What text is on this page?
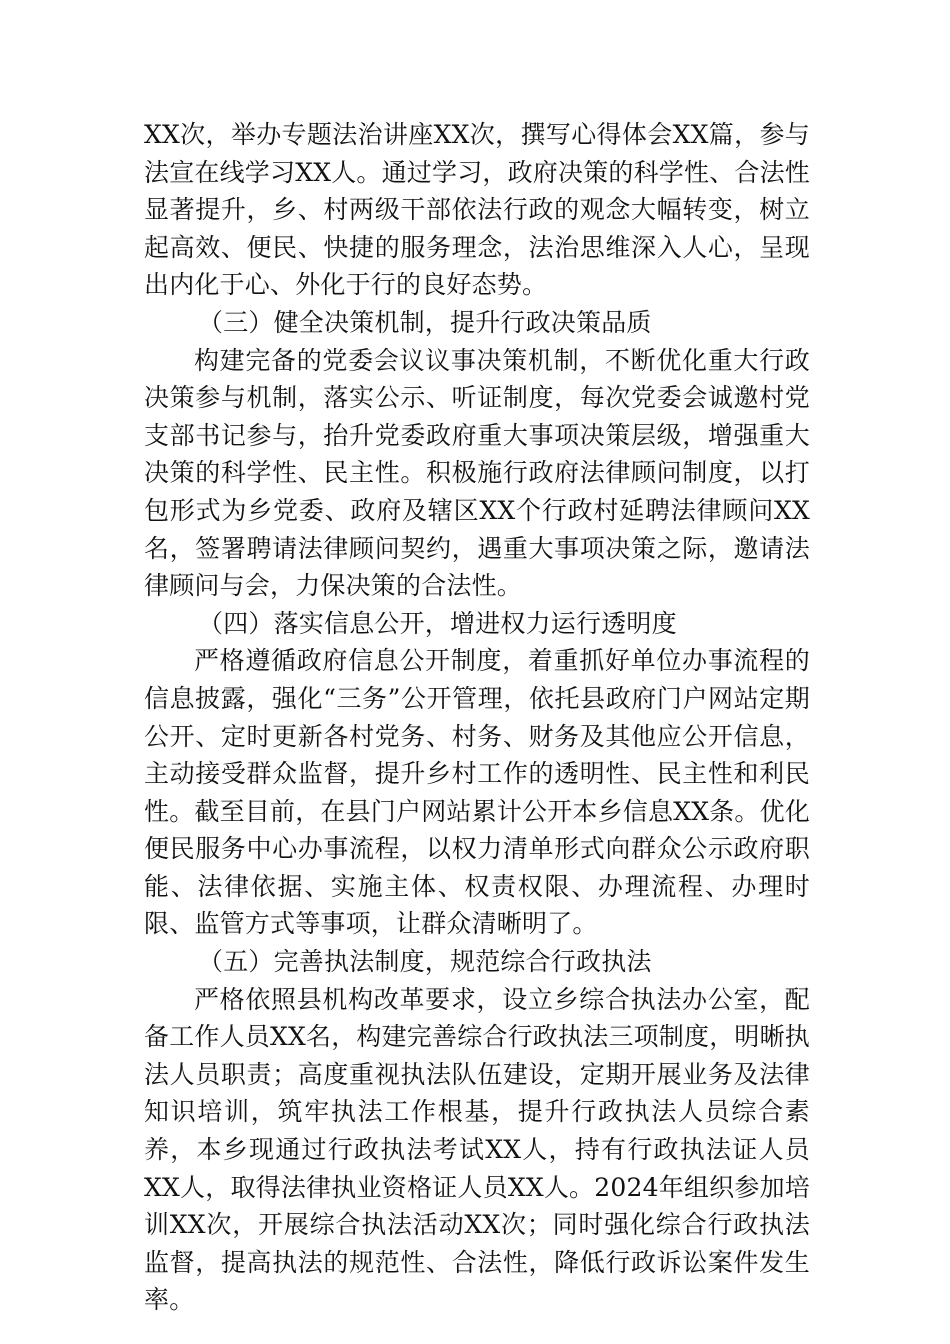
XX次，举办专题法治讲座XX次，撰写心得体会XX篇，参与法宣在线学习XX人。通过学习，政府决策的科学性、合法性显著提升，乡、村两级干部依法行政的观念大幅转变，树立起高效、便民、快捷的服务理念，法治思维深入人心，呈现出内化于心、外化于行的良好态势。

（三）健全决策机制，提升行政决策品质

构建完备的党委会议议事决策机制，不断优化重大行政决策参与机制，落实公示、听证制度，每次党委会诚邀村党支部书记参与，抬升党委政府重大事项决策层级，增强重大决策的科学性、民主性。积极施行政府法律顾问制度，以打包形式为乡党委、政府及辖区XX个行政村延聘法律顾问XX名，签署聘请法律顾问契约，遇重大事项决策之际，邀请法律顾问与会，力保决策的合法性。

（四）落实信息公开，增进权力运行透明度

严格遵循政府信息公开制度，着重抓好单位办事流程的信息披露，强化“三务”公开管理，依托县政府门户网站定期公开、定时更新各村党务、村务、财务及其他应公开信息，主动接受群众监督，提升乡村工作的透明性、民主性和利民性。截至目前，在县门户网站累计公开本乡信息XX条。优化便民服务中心办事流程，以权力清单形式向群众公示政府职能、法律依据、实施主体、权责权限、办理流程、办理时限、监管方式等事项，让群众清晰明了。

（五）完善执法制度，规范综合行政执法

严格依照县机构改革要求，设立乡综合执法办公室，配备工作人员XX名，构建完善综合行政执法三项制度，明晰执法人员职责；高度重视执法队伍建设，定期开展业务及法律知识培训，筑牢执法工作根基，提升行政执法人员综合素养，本乡现通过行政执法考试XX人，持有行政执法证人员XX人，取得法律执业资格证人员XX人。2024年组织参加培训XX次，开展综合执法活动XX次；同时强化综合行政执法监督，提高执法的规范性、合法性，降低行政诉讼案件发生率。
